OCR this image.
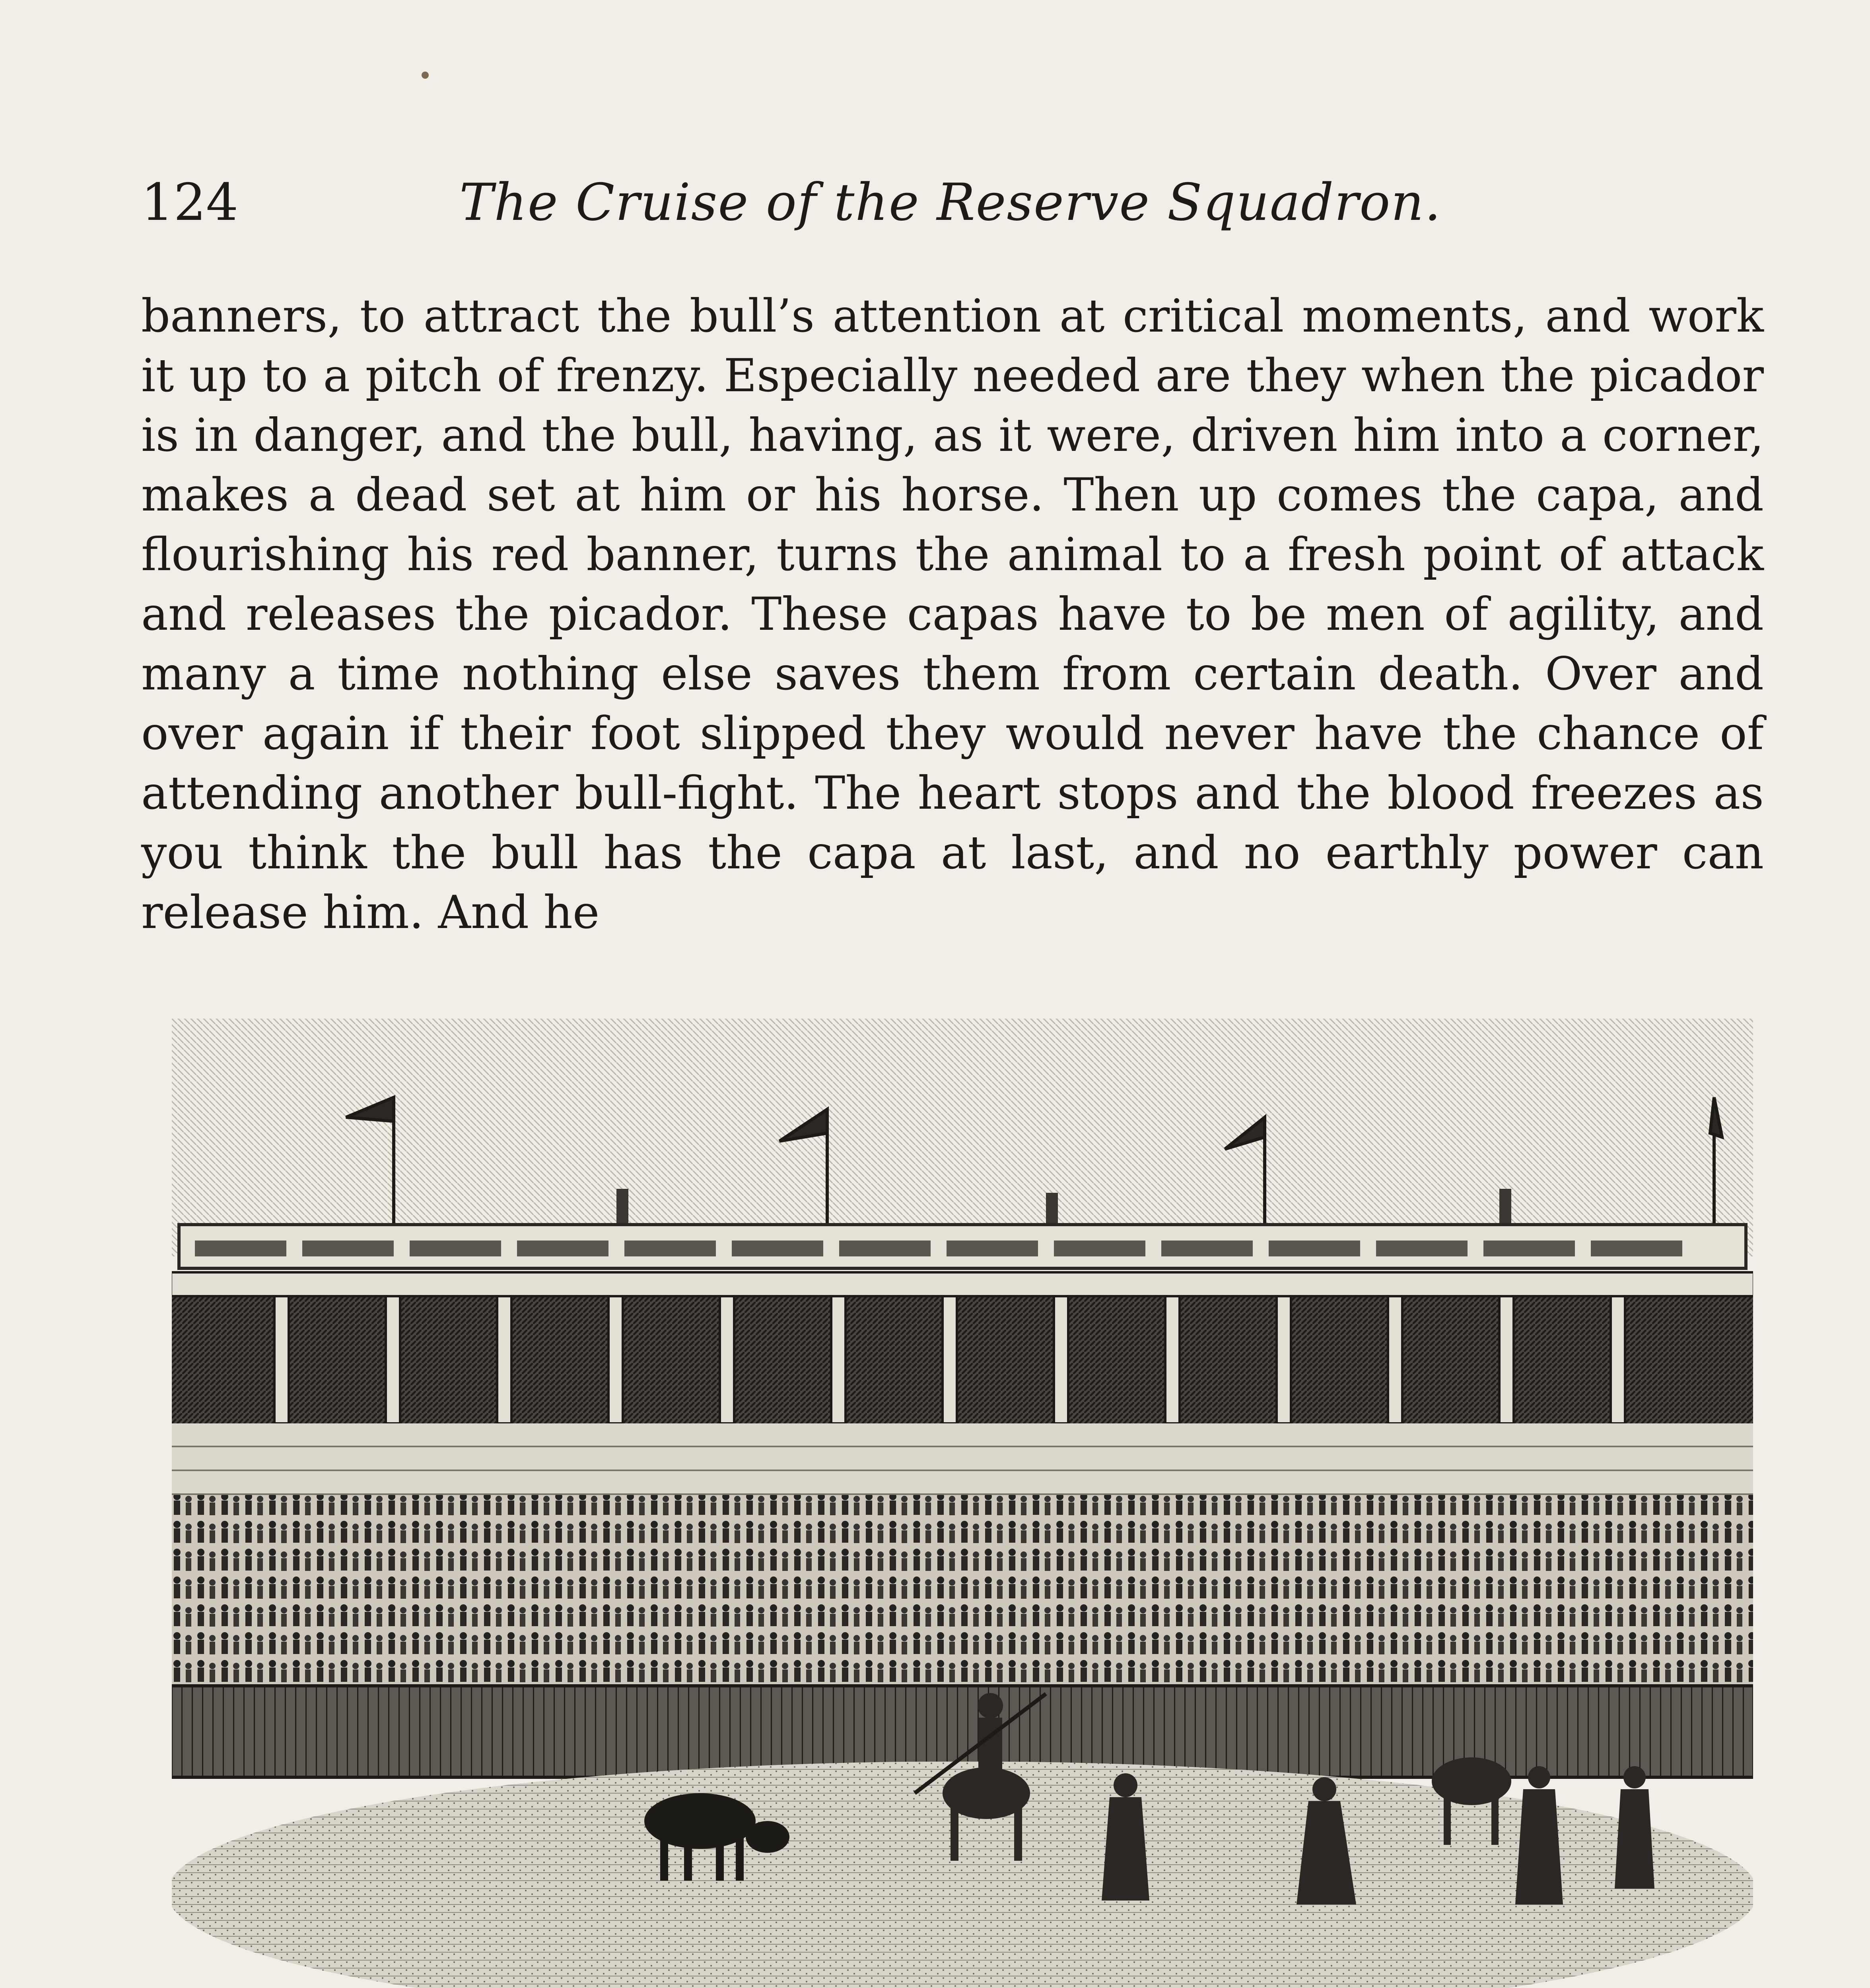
124	The Cruise of the Reserve Squadron.

banners, to attract the bull’s attention at critical moments, and work it up to a pitch of frenzy. Especially needed are they when the picador is in danger, and the bull, having, as it were, driven him into a corner, makes a dead set at him or his horse. Then up comes the capa, and flourishing his red banner, turns the animal to a fresh point of attack and releases the picador. These capas have to be men of agility, and many a time nothing else saves them from certain death. Over and over again if their foot slipped they would never have the chance of attending another bull-fight. The heart stops and the blood freezes as you think the bull has the capa at last, and no earthly power can release him. And he
